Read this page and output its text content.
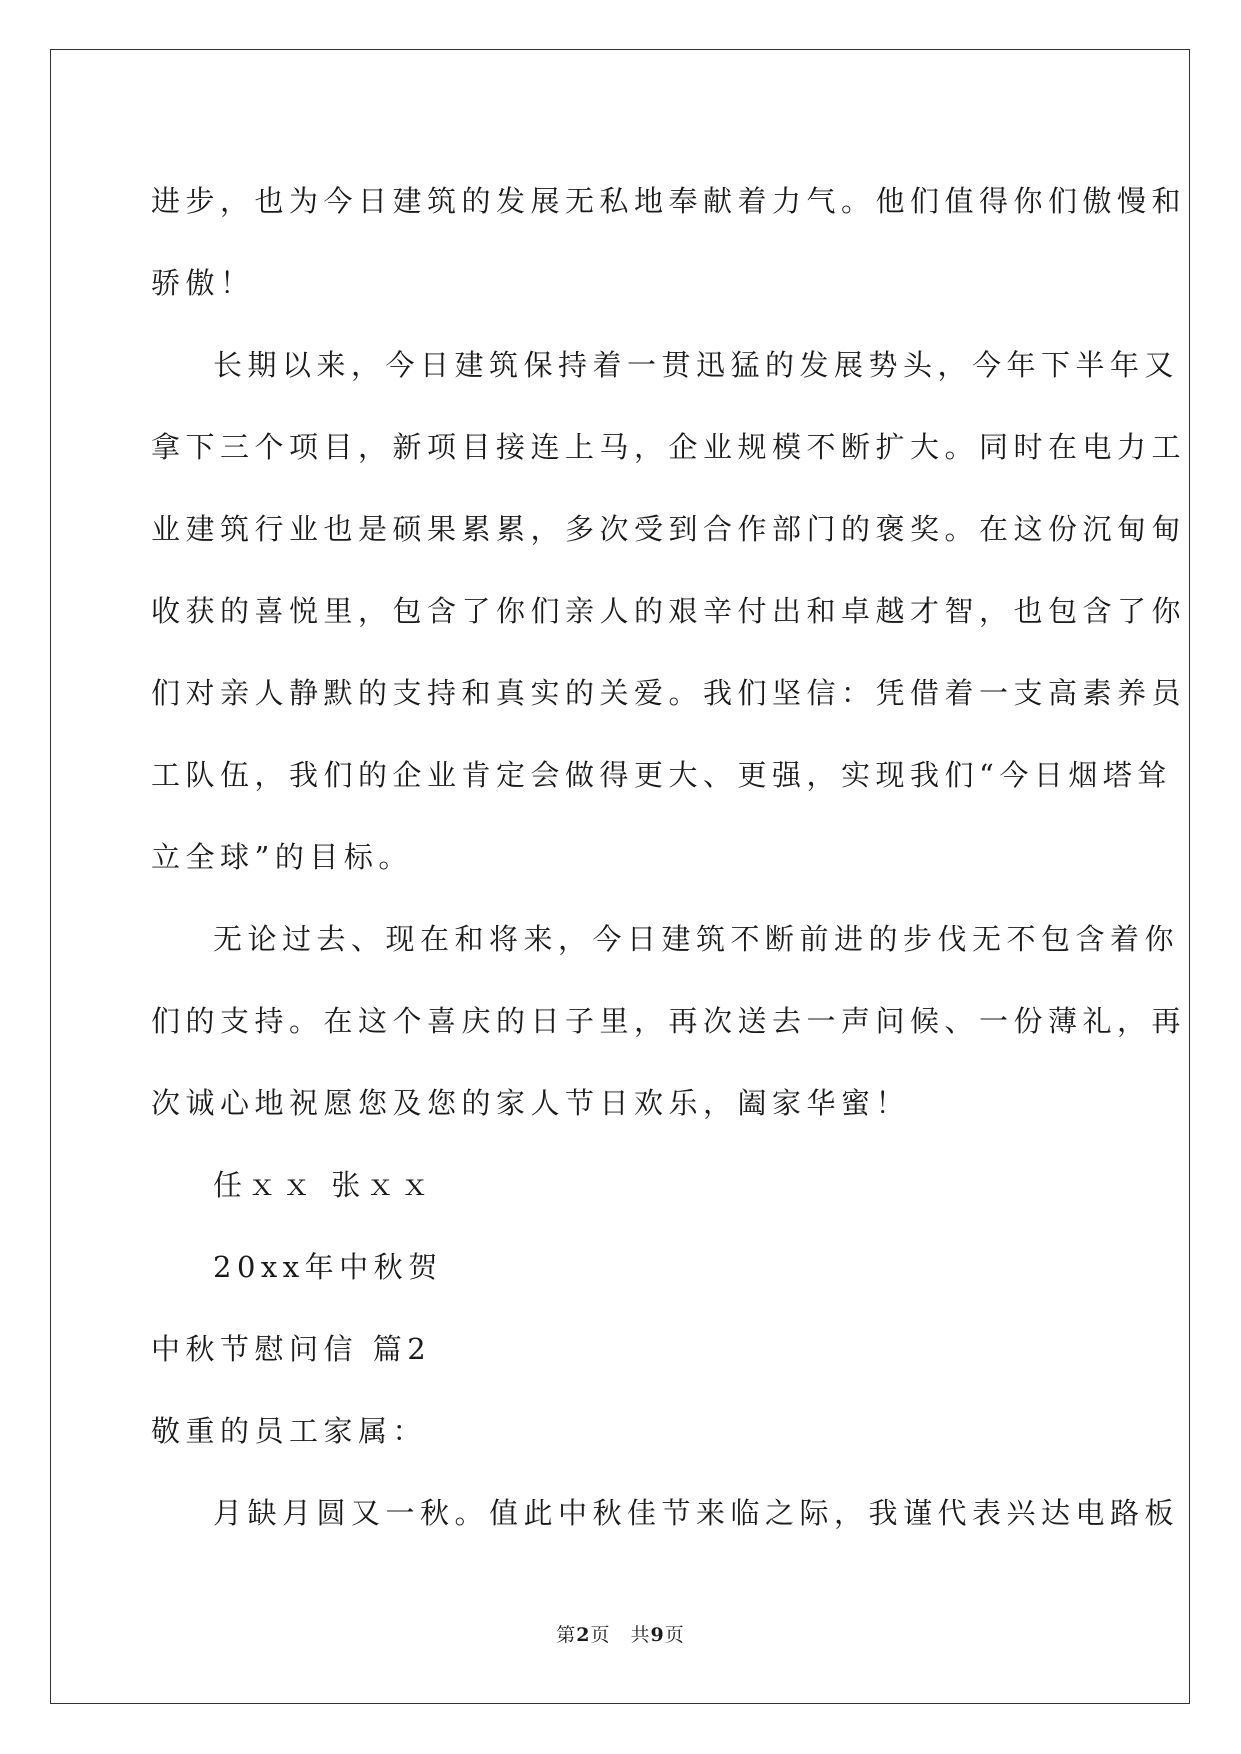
进步，也为今日建筑的发展无私地奉献着力气。他们值得你们傲慢和

骄傲！

长期以来，今日建筑保持着一贯迅猛的发展势头，今年下半年又

拿下三个项目，新项目接连上马，企业规模不断扩大。同时在电力工

业建筑行业也是硕果累累，多次受到合作部门的褒奖。在这份沉甸甸

收获的喜悦里，包含了你们亲人的艰辛付出和卓越才智，也包含了你

们对亲人静默的支持和真实的关爱。我们坚信：凭借着一支高素养员

工队伍，我们的企业肯定会做得更大、更强，实现我们“今日烟塔耸

立全球”的目标。

无论过去、现在和将来，今日建筑不断前进的步伐无不包含着你

们的支持。在这个喜庆的日子里，再次送去一声问候、一份薄礼，再

次诚心地祝愿您及您的家人节日欢乐，阖家华蜜！

任ｘｘ 张ｘｘ

20xx年中秋贺

中秋节慰问信 篇2

敬重的员工家属：

月缺月圆又一秋。值此中秋佳节来临之际，我谨代表兴达电路板

第2页　共9页
